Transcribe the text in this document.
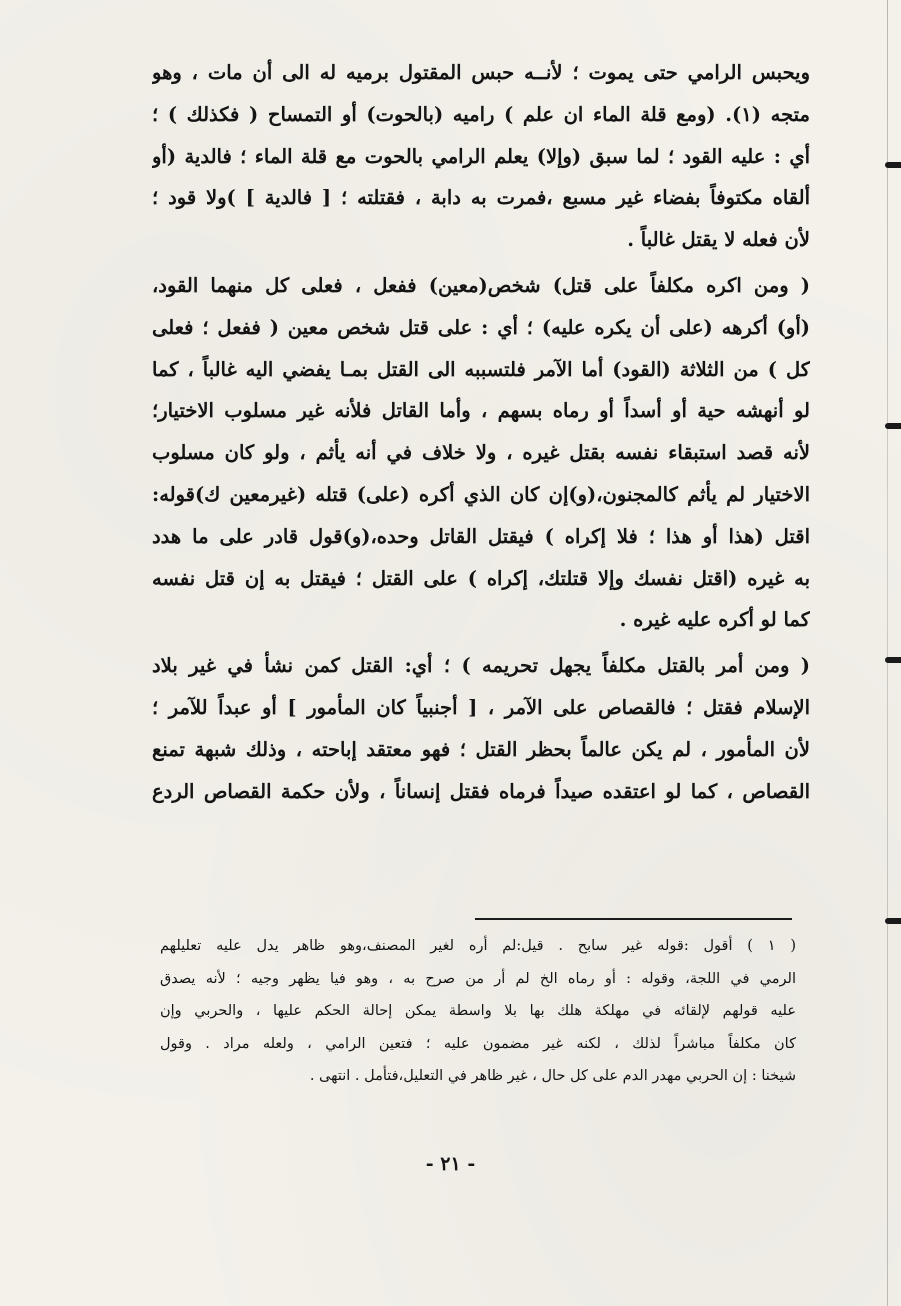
ويحبس الرامي حتى يموت ؛ لأنــه حبس المقتول برميه له الى أن مات ، وهو
متجه (١). (ومع قلة الماء ان علم ) راميه (بالحوت) أو التمساح ( فكذلك ) ؛
أي : عليه القود ؛ لما سبق (وإلا) يعلم الرامي بالحوت مع قلة الماء ؛ فالدية (أو
ألقاه مكتوفاً بفضاء غير مسبع ،فمرت به دابة ، فقتلته ؛ [ فالدية ] )ولا قود ؛
لأن فعله لا يقتل غالباً .

( ومن اكره مكلفاً على قتل) شخص(معين) ففعل ، فعلى كل منهما القود،
(أو) أكرهه (على أن يكره عليه) ؛ أي : على قتل شخص معين ( ففعل ؛ فعلى
كل ) من الثلاثة (القود) أما الآمر فلتسببه الى القتل بمـا يفضي اليه غالباً ، كما
لو أنهشه حية أو أسداً أو رماه بسهم ، وأما القاتل فلأنه غير مسلوب الاختيار؛
لأنه قصد استبقاء نفسه بقتل غيره ، ولا خلاف في أنه يأثم ، ولو كان مسلوب
الاختيار لم يأثم كالمجنون،(و)إن كان الذي أكره (على) قتله (غيرمعين ك)قوله:
اقتل (هذا أو هذا ؛ فلا إكراه ) فيقتل القاتل وحده،(و)قول قادر على ما هدد
به غيره (اقتل نفسك وإلا قتلتك، إكراه ) على القتل ؛ فيقتل به إن قتل نفسه
كما لو أكره عليه غيره .

( ومن أمر بالقتل مكلفاً يجهل تحريمه ) ؛ أي: القتل كمن نشأ في غير بلاد
الإسلام فقتل ؛ فالقصاص على الآمر ، [ أجنبياً كان المأمور ] أو عبداً للآمر ؛
لأن المأمور ، لم يكن عالماً بحظر القتل ؛ فهو معتقد إباحته ، وذلك شبهة تمنع
القصاص ، كما لو اعتقده صيداً فرماه فقتل إنساناً ، ولأن حكمة القصاص الردع

( ١ ) أقول :قوله غير سابح . قيل:لم أره لغير المصنف،وهو ظاهر يدل عليه تعليلهم
الرمي في اللجة، وقوله : أو رماه الخ لم أر من صرح به ، وهو فيا يظهر وجيه ؛ لأنه يصدق
عليه قولهم لإلقائه في مهلكة هلك بها بلا واسطة يمكن إحالة الحكم عليها ، والحربي وإن
كان مكلفاً مباشراً لذلك ، لكنه غير مضمون عليه ؛ فتعين الرامي ، ولعله مراد . وقول
شيخنا : إن الحربي مهدر الدم على كل حال ، غير ظاهر في التعليل،فتأمل . انتهى .
- ٢١ -
